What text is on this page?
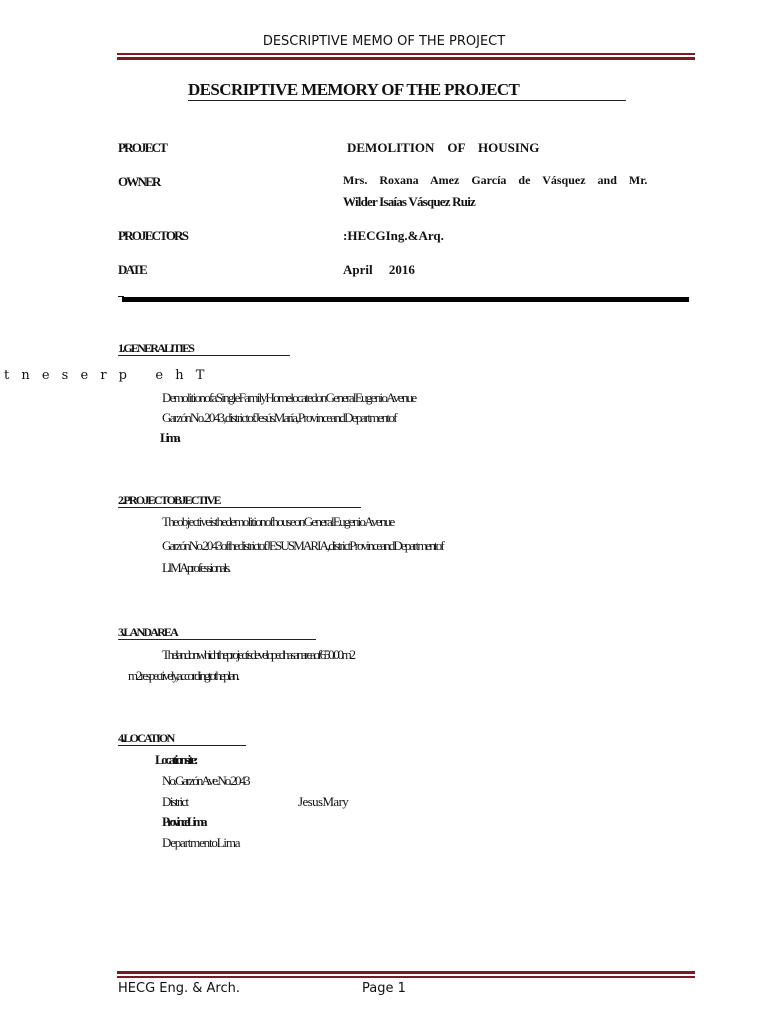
DESCRIPTIVE MEMO OF THE PROJECT
DESCRIPTIVE MEMORY OF THE PROJECT
PROJECT	DEMOLITION    OF    HOUSING
OWNER	Mrs.    Roxana    Amez    García    de    Vásquez    and    Mr.
Wilder Isaías Vásquez Ruiz
PROJECTORS	:HECGIng.&Arq.
DATE	April     2016
1.GENERALITIES
t n e s e r p   e h T
DemolitionofaSingleFamilyHomelocatedonGeneralEugenioAvenue
GarzónNo.2043,districtofJesúsMaría,ProvinceandDepartmentof
Lima.
2.PROJECTOBJECTIVE
TheobjectiveisthedemolitionofhouseonGeneralEugenioAvenue
GarzónNo.2043ofthedistrictofJESUSMARIA,districtProvinceandDepartmentof
LIMAprofessionals.
3.LANDAREA
Thelandonwhichtheprojectisdevelopedhasanareaof650.00m2
m2respectively,accordingtotheplan.
4.LOCATION
Locationsite:
No.GarzónAve.No.2043
District	JesusMary
ProvinceLima
DepartmentoLima
HECG Eng. & Arch.	Page 1
